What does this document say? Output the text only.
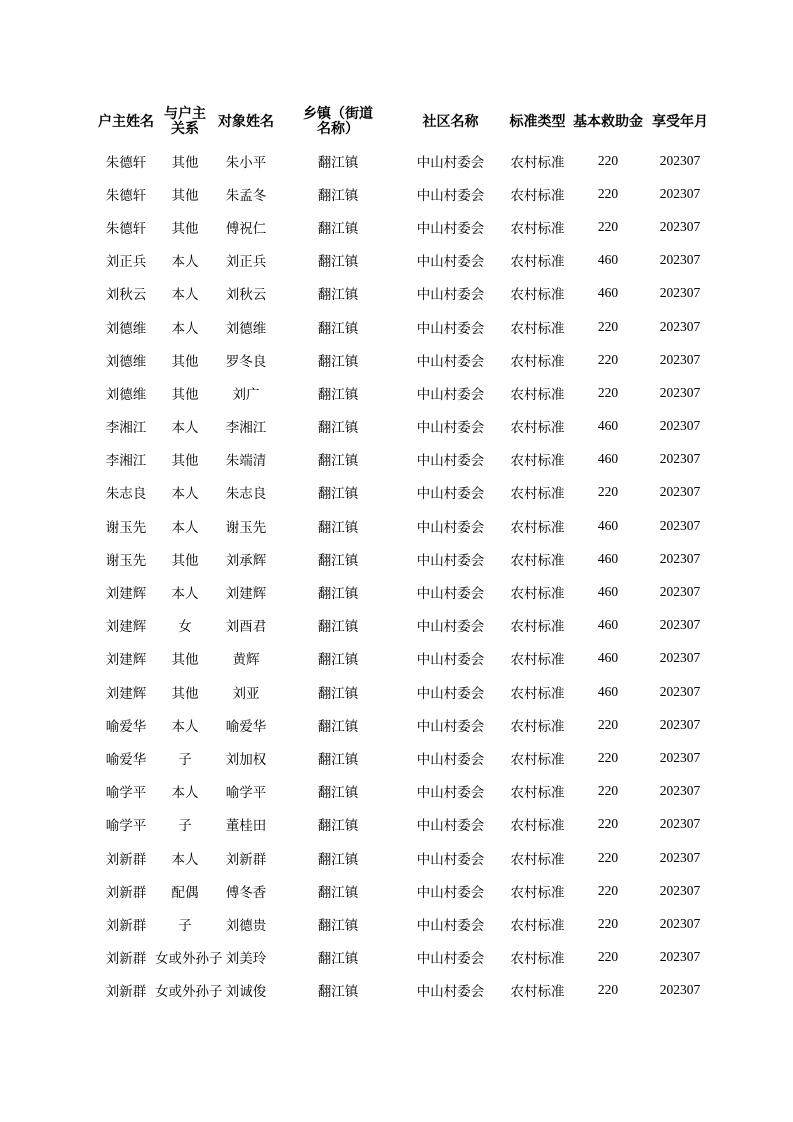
户主姓名	与户主关系	对象姓名	乡镇（街道名称）	社区名称	标准类型	基本救助金	享受年月
朱德轩	其他	朱小平	翻江镇	中山村委会	农村标准	220	202307
朱德轩	其他	朱孟冬	翻江镇	中山村委会	农村标准	220	202307
朱德轩	其他	傅祝仁	翻江镇	中山村委会	农村标准	220	202307
刘正兵	本人	刘正兵	翻江镇	中山村委会	农村标准	460	202307
刘秋云	本人	刘秋云	翻江镇	中山村委会	农村标准	460	202307
刘德维	本人	刘德维	翻江镇	中山村委会	农村标准	220	202307
刘德维	其他	罗冬良	翻江镇	中山村委会	农村标准	220	202307
刘德维	其他	刘广	翻江镇	中山村委会	农村标准	220	202307
李湘江	本人	李湘江	翻江镇	中山村委会	农村标准	460	202307
李湘江	其他	朱端清	翻江镇	中山村委会	农村标准	460	202307
朱志良	本人	朱志良	翻江镇	中山村委会	农村标准	220	202307
谢玉先	本人	谢玉先	翻江镇	中山村委会	农村标准	460	202307
谢玉先	其他	刘承辉	翻江镇	中山村委会	农村标准	460	202307
刘建辉	本人	刘建辉	翻江镇	中山村委会	农村标准	460	202307
刘建辉	女	刘酉君	翻江镇	中山村委会	农村标准	460	202307
刘建辉	其他	黄辉	翻江镇	中山村委会	农村标准	460	202307
刘建辉	其他	刘亚	翻江镇	中山村委会	农村标准	460	202307
喻爱华	本人	喻爱华	翻江镇	中山村委会	农村标准	220	202307
喻爱华	子	刘加权	翻江镇	中山村委会	农村标准	220	202307
喻学平	本人	喻学平	翻江镇	中山村委会	农村标准	220	202307
喻学平	子	董桂田	翻江镇	中山村委会	农村标准	220	202307
刘新群	本人	刘新群	翻江镇	中山村委会	农村标准	220	202307
刘新群	配偶	傅冬香	翻江镇	中山村委会	农村标准	220	202307
刘新群	子	刘德贵	翻江镇	中山村委会	农村标准	220	202307
刘新群	女或外孙子	刘美玲	翻江镇	中山村委会	农村标准	220	202307
刘新群	女或外孙子	刘诚俊	翻江镇	中山村委会	农村标准	220	202307
